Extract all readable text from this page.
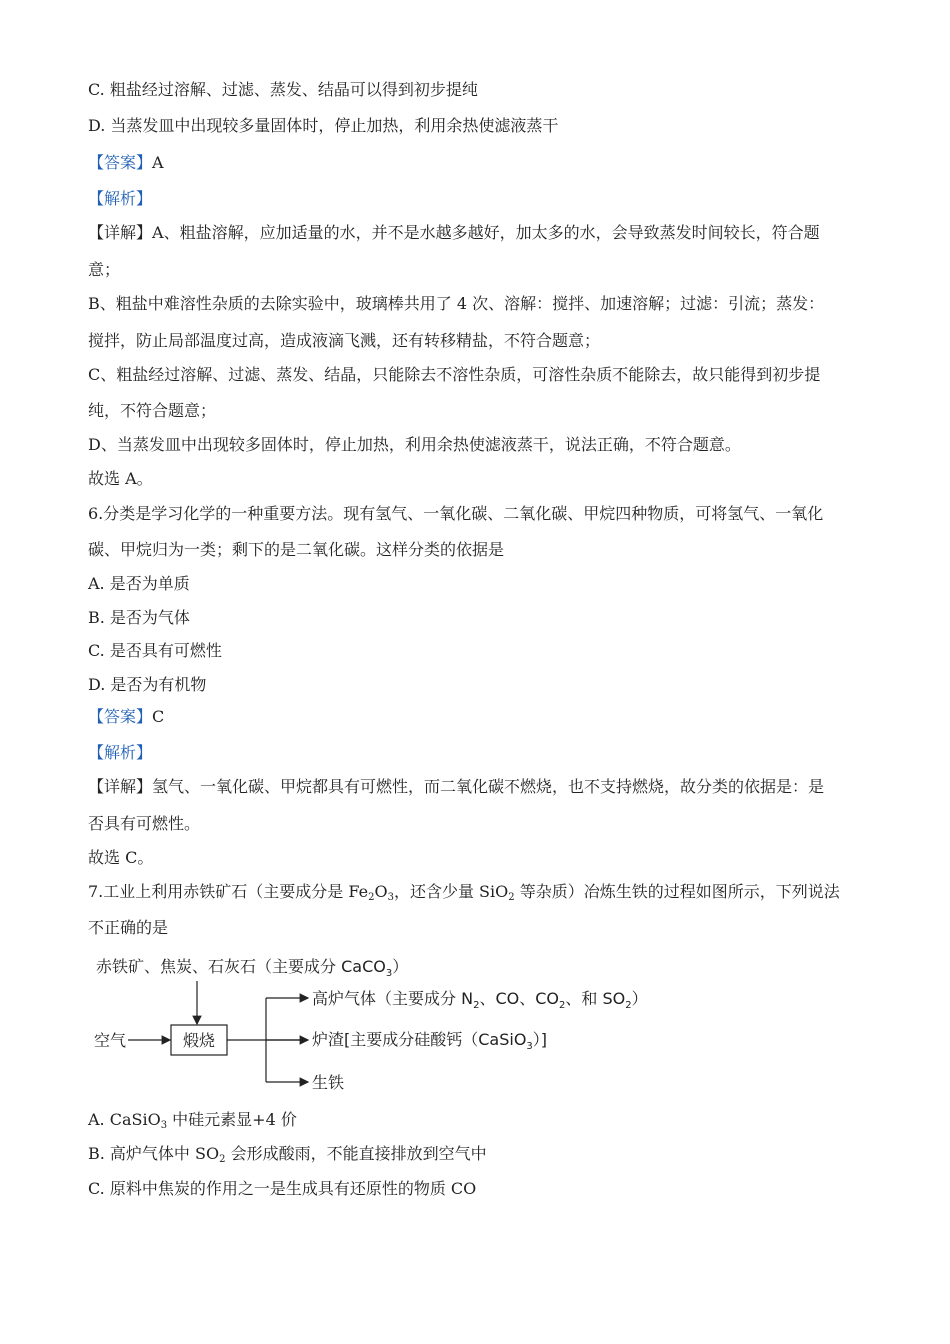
C. 粗盐经过溶解、过滤、蒸发、结晶可以得到初步提纯
D. 当蒸发皿中出现较多量固体时，停止加热，利用余热使滤液蒸干
【答案】A
【解析】
【详解】A、粗盐溶解，应加适量的水，并不是水越多越好，加太多的水，会导致蒸发时间较长，符合题
意；
B、粗盐中难溶性杂质的去除实验中，玻璃棒共用了 4 次、溶解：搅拌、加速溶解；过滤：引流；蒸发：
搅拌，防止局部温度过高，造成液滴飞溅，还有转移精盐，不符合题意；
C、粗盐经过溶解、过滤、蒸发、结晶，只能除去不溶性杂质，可溶性杂质不能除去，故只能得到初步提
纯，不符合题意；
D、当蒸发皿中出现较多固体时，停止加热，利用余热使滤液蒸干，说法正确，不符合题意。
故选 A。
6.分类是学习化学的一种重要方法。现有氢气、一氧化碳、二氧化碳、甲烷四种物质，可将氢气、一氧化
碳、甲烷归为一类；剩下的是二氧化碳。这样分类的依据是
A. 是否为单质
B. 是否为气体
C. 是否具有可燃性
D. 是否为有机物
【答案】C
【解析】
【详解】氢气、一氧化碳、甲烷都具有可燃性，而二氧化碳不燃烧，也不支持燃烧，故分类的依据是：是
否具有可燃性。
故选 C。
7.工业上利用赤铁矿石（主要成分是 $Fe_2O_3$，还含少量 SiO$_2$ 等杂质）冶炼生铁的过程如图所示，下列说法
不正确的是
赤铁矿、焦炭、石灰石（主要成分 CaCO$_3$）
空气	煅烧
高炉气体（主要成分 $N_2$、CO、$CO_2$、和 $SO_2$）
炉渣[主要成分硅酸钙（CaSiO$_3$）]
生铁
A. CaSiO$_3$ 中硅元素显+4 价
B. 高炉气体中 $SO_2$ 会形成酸雨，不能直接排放到空气中
C. 原料中焦炭的作用之一是生成具有还原性的物质 CO
